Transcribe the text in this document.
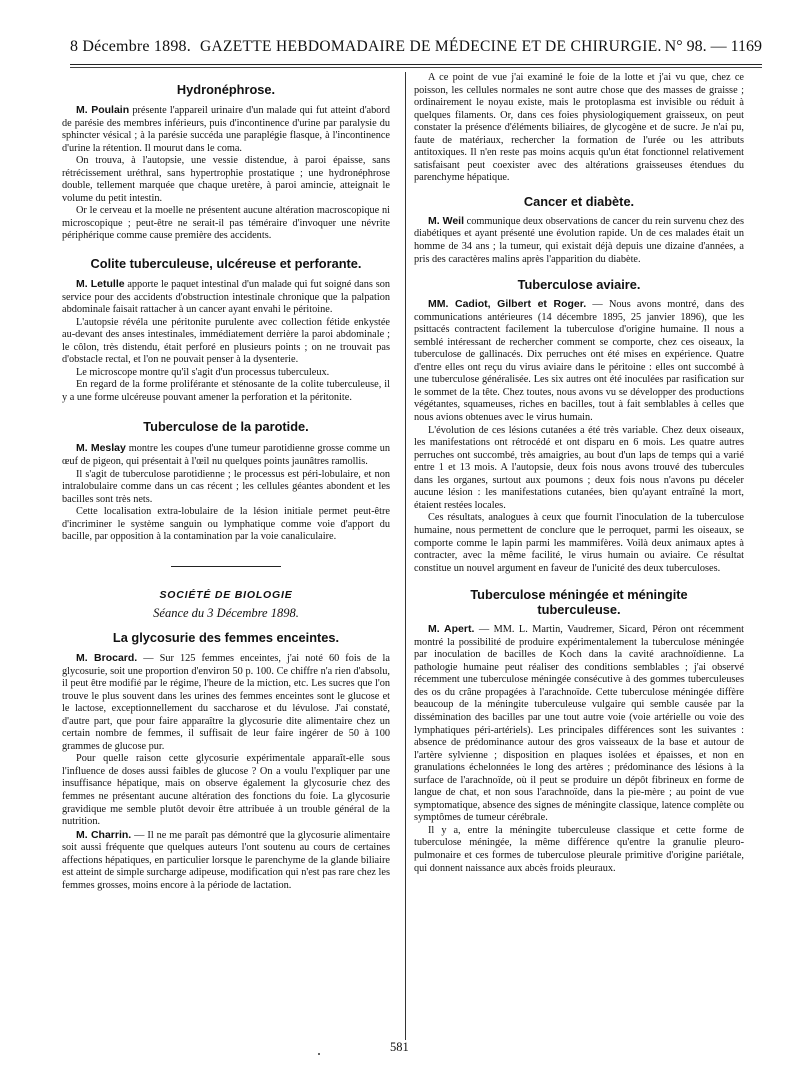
8 Décembre 1898. GAZETTE HEBDOMADAIRE DE MÉDECINE ET DE CHIRURGIE. N° 98. — 1169
Hydronéphrose.

M. Poulain présente l'appareil urinaire d'un malade qui fut atteint d'abord de parésie des membres inférieurs, puis d'incontinence d'urine par paralysie du sphincter vésical ; à la parésie succéda une paraplégie flasque, à l'incontinence d'urine la rétention. Il mourut dans le coma.

On trouva, à l'autopsie, une vessie distendue, à paroi épaisse, sans rétrécissement uréthral, sans hypertrophie prostatique ; une hydronéphrose double, tellement marquée que chaque uretère, à paroi amincie, atteignait le volume du petit intestin.

Or le cerveau et la moelle ne présentent aucune altération macroscopique ni microscopique ; peut-être ne serait-il pas téméraire d'invoquer une névrite périphérique comme cause première des accidents.

Colite tuberculeuse, ulcéreuse et perforante.

M. Letulle apporte le paquet intestinal d'un malade qui fut soigné dans son service pour des accidents d'obstruction intestinale chronique que la palpation abdominale faisait rattacher à un cancer ayant envahi le péritoine.

L'autopsie révéla une péritonite purulente avec collection fétide enkystée au-devant des anses intestinales, immédiatement derrière la paroi abdominale ; le côlon, très distendu, était perforé en plusieurs points ; on ne trouvait pas d'obstacle rectal, et l'on ne pouvait penser à la dysenterie.

Le microscope montre qu'il s'agit d'un processus tuberculeux.

En regard de la forme proliférante et sténosante de la colite tuberculeuse, il y a une forme ulcéreuse pouvant amener la perforation et la péritonite.

Tuberculose de la parotide.

M. Meslay montre les coupes d'une tumeur parotidienne grosse comme un œuf de pigeon, qui présentait à l'œil nu quelques points jaunâtres ramollis.

Il s'agit de tuberculose parotidienne ; le processus est péri-lobulaire, et non intralobulaire comme dans un cas récent ; les cellules géantes abondent et les bacilles sont très nets.

Cette localisation extra-lobulaire de la lésion initiale permet peut-être d'incriminer le système sanguin ou lymphatique comme voie d'apport du bacille, par opposition à la contamination par la voie canaliculaire.

SOCIÉTÉ DE BIOLOGIE
Séance du 3 Décembre 1898.
La glycosurie des femmes enceintes.

M. Brocard. — Sur 125 femmes enceintes, j'ai noté 60 fois de la glycosurie, soit une proportion d'environ 50 p. 100. Ce chiffre n'a rien d'absolu, il peut être modifié par le régime, l'heure de la miction, etc. Les sucres que l'on trouve le plus souvent dans les urines des femmes enceintes sont le glucose et le lactose, exceptionnellement du saccharose et du lévulose. J'ai constaté, d'autre part, que pour faire apparaître la glycosurie dite alimentaire chez un certain nombre de femmes, il suffisait de leur faire ingérer de 50 à 100 grammes de glucose pur.

Pour quelle raison cette glycosurie expérimentale apparaît-elle sous l'influence de doses aussi faibles de glucose ? On a voulu l'expliquer par une insuffisance hépatique, mais on observe également la glycosurie chez des femmes ne présentant aucune altération des fonctions du foie. La glycosurie gravidique me semble plutôt devoir être attribuée à un trouble général de la nutrition.

M. Charrin. — Il ne me paraît pas démontré que la glycosurie alimentaire soit aussi fréquente que quelques auteurs l'ont soutenu au cours de certaines affections hépatiques, en particulier lorsque le parenchyme de la glande biliaire est atteint de simple surcharge adipeuse, modification qui n'est pas rare chez les femmes grosses, moins encore à la période de lactation.

A ce point de vue j'ai examiné le foie de la lotte et j'ai vu que, chez ce poisson, les cellules normales ne sont autre chose que des masses de graisse ; ordinairement le noyau existe, mais le protoplasma est invisible ou réduit à quelques filaments. Or, dans ces foies physiologiquement graisseux, on peut constater la présence d'éléments biliaires, de glycogène et de sucre. Je n'ai pu, faute de matériaux, rechercher la formation de l'urée ou les attributs antitoxiques. Il n'en reste pas moins acquis qu'un état fonctionnel relativement satisfaisant peut coexister avec des altérations graisseuses étendues du parenchyme hépatique.

Cancer et diabète.

M. Weil communique deux observations de cancer du rein survenu chez des diabétiques et ayant présenté une évolution rapide. Un de ces malades était un homme de 34 ans ; la tumeur, qui existait déjà depuis une dizaine d'années, a pris des caractères malins après l'apparition du diabète.

Tuberculose aviaire.

MM. Cadiot, Gilbert et Roger. — Nous avons montré, dans des communications antérieures (14 décembre 1895, 25 janvier 1896), que les psittacés contractent facilement la tuberculose d'origine humaine. Il nous a semblé intéressant de rechercher comment se comporte, chez ces oiseaux, la tuberculose de gallinacés. Dix perruches ont été mises en expérience. Quatre d'entre elles ont reçu du virus aviaire dans le péritoine : elles ont succombé à une tuberculose généralisée. Les six autres ont été inoculées par rasification sur le sommet de la tête. Chez toutes, nous avons vu se développer des productions végétantes, squameuses, riches en bacilles, tout à fait semblables à celles que nous avions obtenues avec le virus humain.

L'évolution de ces lésions cutanées a été très variable. Chez deux oiseaux, les manifestations ont rétrocédé et ont disparu en 6 mois. Les quatre autres perruches ont succombé, très amaigries, au bout d'un laps de temps qui a varié entre 1 et 13 mois. A l'autopsie, deux fois nous avons trouvé des tubercules dans les organes, surtout aux poumons ; deux fois nous n'avons pu déceler aucune lésion : les manifestations cutanées, bien qu'ayant entraîné la mort, étaient restées locales.

Ces résultats, analogues à ceux que fournit l'inoculation de la tuberculose humaine, nous permettent de conclure que le perroquet, parmi les oiseaux, se comporte comme le lapin parmi les mammifères. Voilà deux animaux aptes à contracter, avec la même facilité, le virus humain ou aviaire. Ce résultat constitue un nouvel argument en faveur de l'unicité des deux tuberculoses.

Tuberculose méningée et méningite
tuberculeuse.

M. Apert. — MM. L. Martin, Vaudremer, Sicard, Péron ont récemment montré la possibilité de produire expérimentalement la tuberculose méningée par inoculation de bacilles de Koch dans la cavité arachnoïdienne. La pathologie humaine peut réaliser des conditions semblables ; j'ai observé récemment une tuberculose méningée consécutive à des gommes tuberculeuses des os du crâne propagées à l'arachnoïde. Cette tuberculose méningée diffère beaucoup de la méningite tuberculeuse vulgaire qui semble causée par la dissémination des bacilles par une tout autre voie (voie artérielle ou voie des lymphatiques péri-artériels). Les principales différences sont les suivantes : absence de prédominance autour des gros vaisseaux de la base et autour de l'artère sylvienne ; disposition en plaques isolées et épaisses, et non en granulations échelonnées le long des artères ; prédominance des lésions à la surface de l'arachnoïde, où il peut se produire un dépôt fibrineux en forme de langue de chat, et non sous l'arachnoïde, dans la pie-mère ; au point de vue symptomatique, absence des signes de méningite classique, latence complète ou symptômes de tumeur cérébrale.

Il y a, entre la méningite tuberculeuse classique et cette forme de tuberculose méningée, la même différence qu'entre la granulie pleuro-pulmonaire et ces formes de tuberculose pleurale primitive d'origine pariétale, qui donnent naissance aux abcès froids pleuraux.

581
